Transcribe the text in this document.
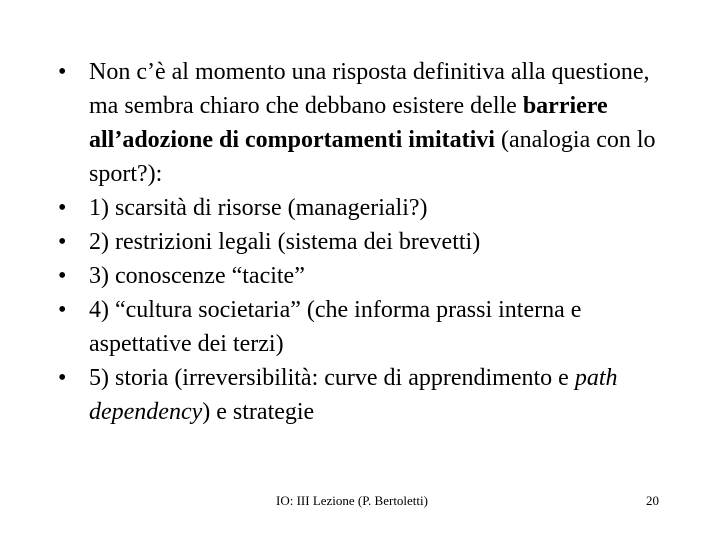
• Non c’è al momento una risposta definitiva alla questione, ma sembra chiaro che debbano esistere delle barriere all’adozione di comportamenti imitativi (analogia con lo sport?):

• 1) scarsità di risorse (manageriali?)

• 2) restrizioni legali (sistema dei brevetti)

• 3) conoscenze “tacite”

• 4) “cultura societaria” (che informa prassi interna e aspettative dei terzi)

• 5) storia (irreversibilità: curve di apprendimento e path dependency) e strategie

IO: III Lezione (P. Bertoletti)	20
